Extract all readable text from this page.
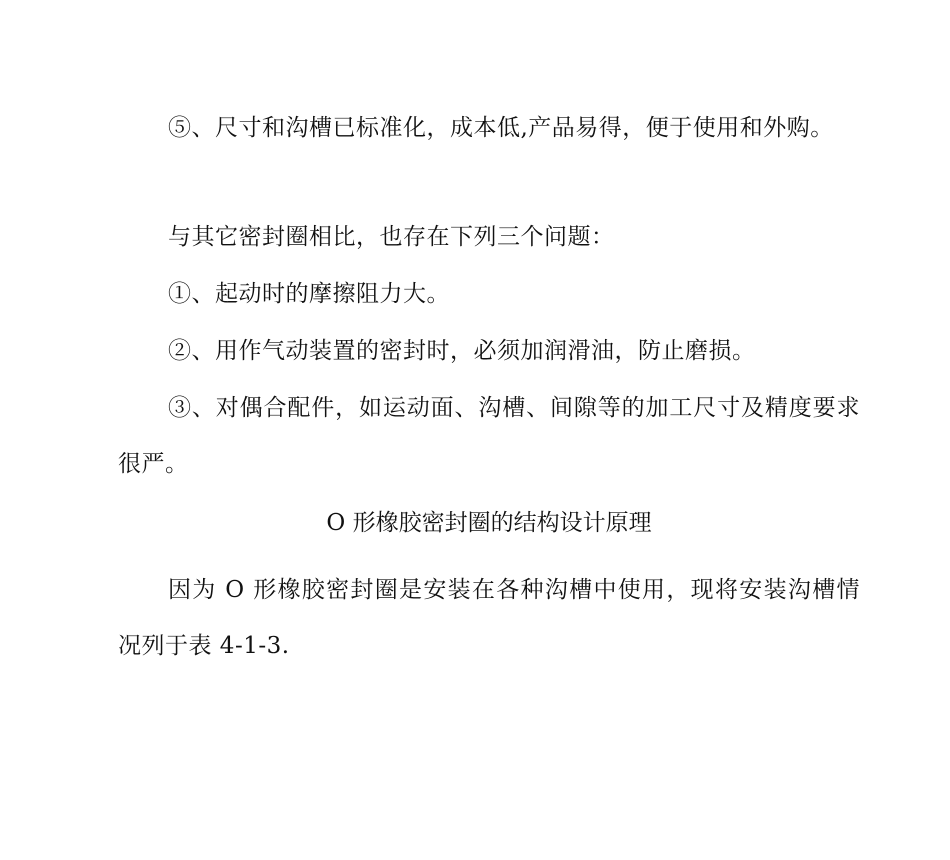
⑤、尺寸和沟槽已标准化，成本低,产品易得，便于使用和外购。

与其它密封圈相比，也存在下列三个问题：

①、起动时的摩擦阻力大。

②、用作气动装置的密封时，必须加润滑油，防止磨损。

③、对偶合配件，如运动面、沟槽、间隙等的加工尺寸及精度要求很严。

O 形橡胶密封圈的结构设计原理

因为 O 形橡胶密封圈是安装在各种沟槽中使用，现将安装沟槽情况列于表 4-1-3.
